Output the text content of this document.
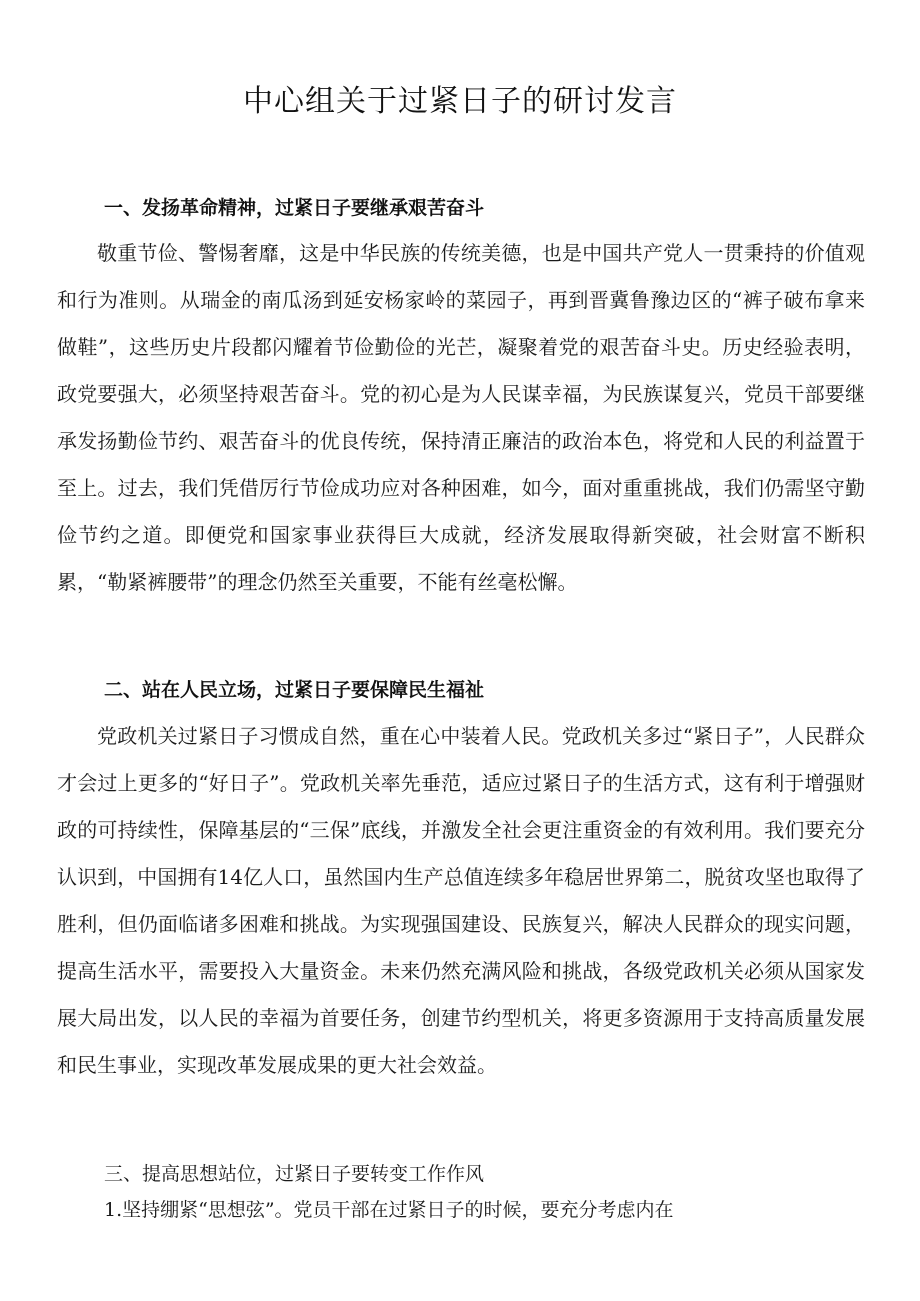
中心组关于过紧日子的研讨发言
一、发扬革命精神，过紧日子要继承艰苦奋斗

敬重节俭、警惕奢靡，这是中华民族的传统美德，也是中国共产党人一贯秉持的价值观和行为准则。从瑞金的南瓜汤到延安杨家岭的菜园子，再到晋冀鲁豫边区的“裤子破布拿来做鞋”，这些历史片段都闪耀着节俭勤俭的光芒，凝聚着党的艰苦奋斗史。历史经验表明，政党要强大，必须坚持艰苦奋斗。党的初心是为人民谋幸福，为民族谋复兴，党员干部要继承发扬勤俭节约、艰苦奋斗的优良传统，保持清正廉洁的政治本色，将党和人民的利益置于至上。过去，我们凭借厉行节俭成功应对各种困难，如今，面对重重挑战，我们仍需坚守勤俭节约之道。即便党和国家事业获得巨大成就，经济发展取得新突破，社会财富不断积累，“勒紧裤腰带”的理念仍然至关重要，不能有丝毫松懈。

二、站在人民立场，过紧日子要保障民生福祉

党政机关过紧日子习惯成自然，重在心中装着人民。党政机关多过“紧日子”，人民群众才会过上更多的“好日子”。党政机关率先垂范，适应过紧日子的生活方式，这有利于增强财政的可持续性，保障基层的“三保”底线，并激发全社会更注重资金的有效利用。我们要充分认识到，中国拥有14亿人口，虽然国内生产总值连续多年稳居世界第二，脱贫攻坚也取得了胜利，但仍面临诸多困难和挑战。为实现强国建设、民族复兴，解决人民群众的现实问题，提高生活水平，需要投入大量资金。未来仍然充满风险和挑战，各级党政机关必须从国家发展大局出发，以人民的幸福为首要任务，创建节约型机关，将更多资源用于支持高质量发展和民生事业，实现改革发展成果的更大社会效益。

三、提高思想站位，过紧日子要转变工作作风
1.坚持绷紧“思想弦”。党员干部在过紧日子的时候，要充分考虑内在
